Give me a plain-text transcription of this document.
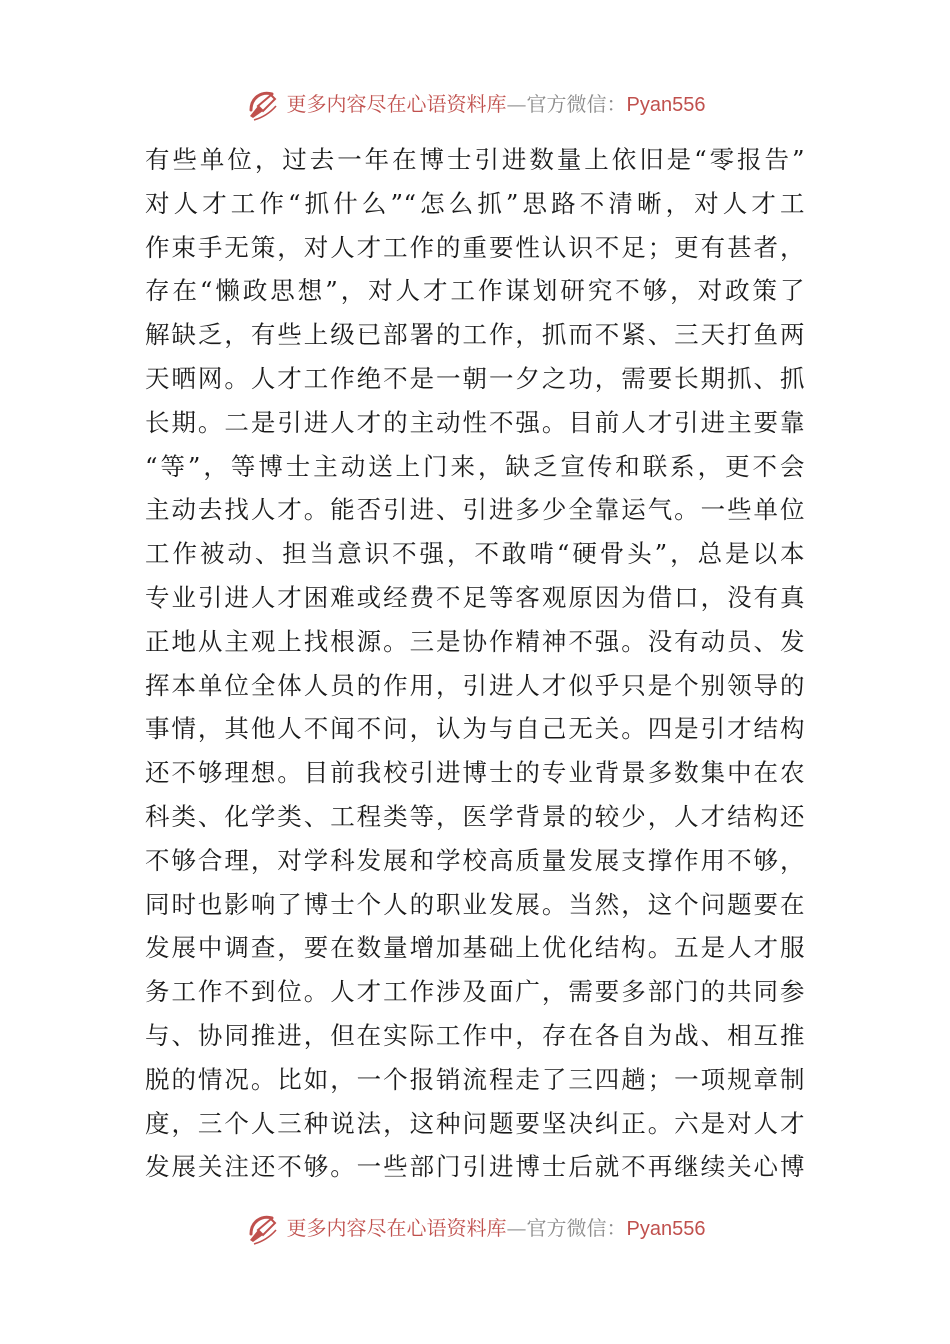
更多内容尽在心语资料库—官方微信：Pyan556
有些单位，过去一年在博士引进数量上依旧是“零报告”
对人才工作“抓什么”“怎么抓”思路不清晰，对人才工
作束手无策，对人才工作的重要性认识不足；更有甚者，
存在“懒政思想”，对人才工作谋划研究不够，对政策了
解缺乏，有些上级已部署的工作，抓而不紧、三天打鱼两
天晒网。人才工作绝不是一朝一夕之功，需要长期抓、抓
长期。二是引进人才的主动性不强。目前人才引进主要靠
“等”，等博士主动送上门来，缺乏宣传和联系，更不会
主动去找人才。能否引进、引进多少全靠运气。一些单位
工作被动、担当意识不强，不敢啃“硬骨头”，总是以本
专业引进人才困难或经费不足等客观原因为借口，没有真
正地从主观上找根源。三是协作精神不强。没有动员、发
挥本单位全体人员的作用，引进人才似乎只是个别领导的
事情，其他人不闻不问，认为与自己无关。四是引才结构
还不够理想。目前我校引进博士的专业背景多数集中在农
科类、化学类、工程类等，医学背景的较少，人才结构还
不够合理，对学科发展和学校高质量发展支撑作用不够，
同时也影响了博士个人的职业发展。当然，这个问题要在
发展中调查，要在数量增加基础上优化结构。五是人才服
务工作不到位。人才工作涉及面广，需要多部门的共同参
与、协同推进，但在实际工作中，存在各自为战、相互推
脱的情况。比如，一个报销流程走了三四趟；一项规章制
度，三个人三种说法，这种问题要坚决纠正。六是对人才
发展关注还不够。一些部门引进博士后就不再继续关心博
更多内容尽在心语资料库—官方微信：Pyan556
